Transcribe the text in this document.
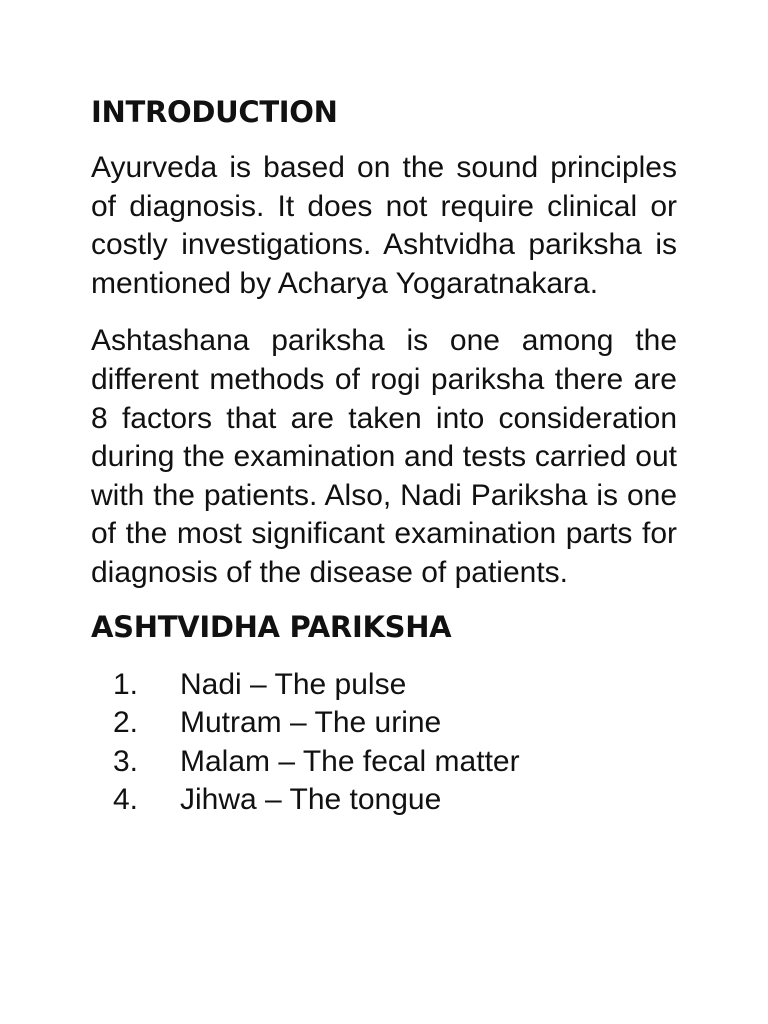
INTRODUCTION

Ayurveda is based on the sound principles of diagnosis. It does not require clinical or costly investigations. Ashtvidha pariksha is mentioned by Acharya Yogaratnakara.

Ashtashana pariksha is one among the different methods of rogi pariksha there are 8 factors that are taken into consideration during the examination and tests carried out with the patients. Also, Nadi Pariksha is one of the most significant examination parts for diagnosis of the disease of patients.

ASHTVIDHA PARIKSHA
1.	Nadi – The pulse
2.	Mutram – The urine
3.	Malam – The fecal matter
4.	Jihwa – The tongue
